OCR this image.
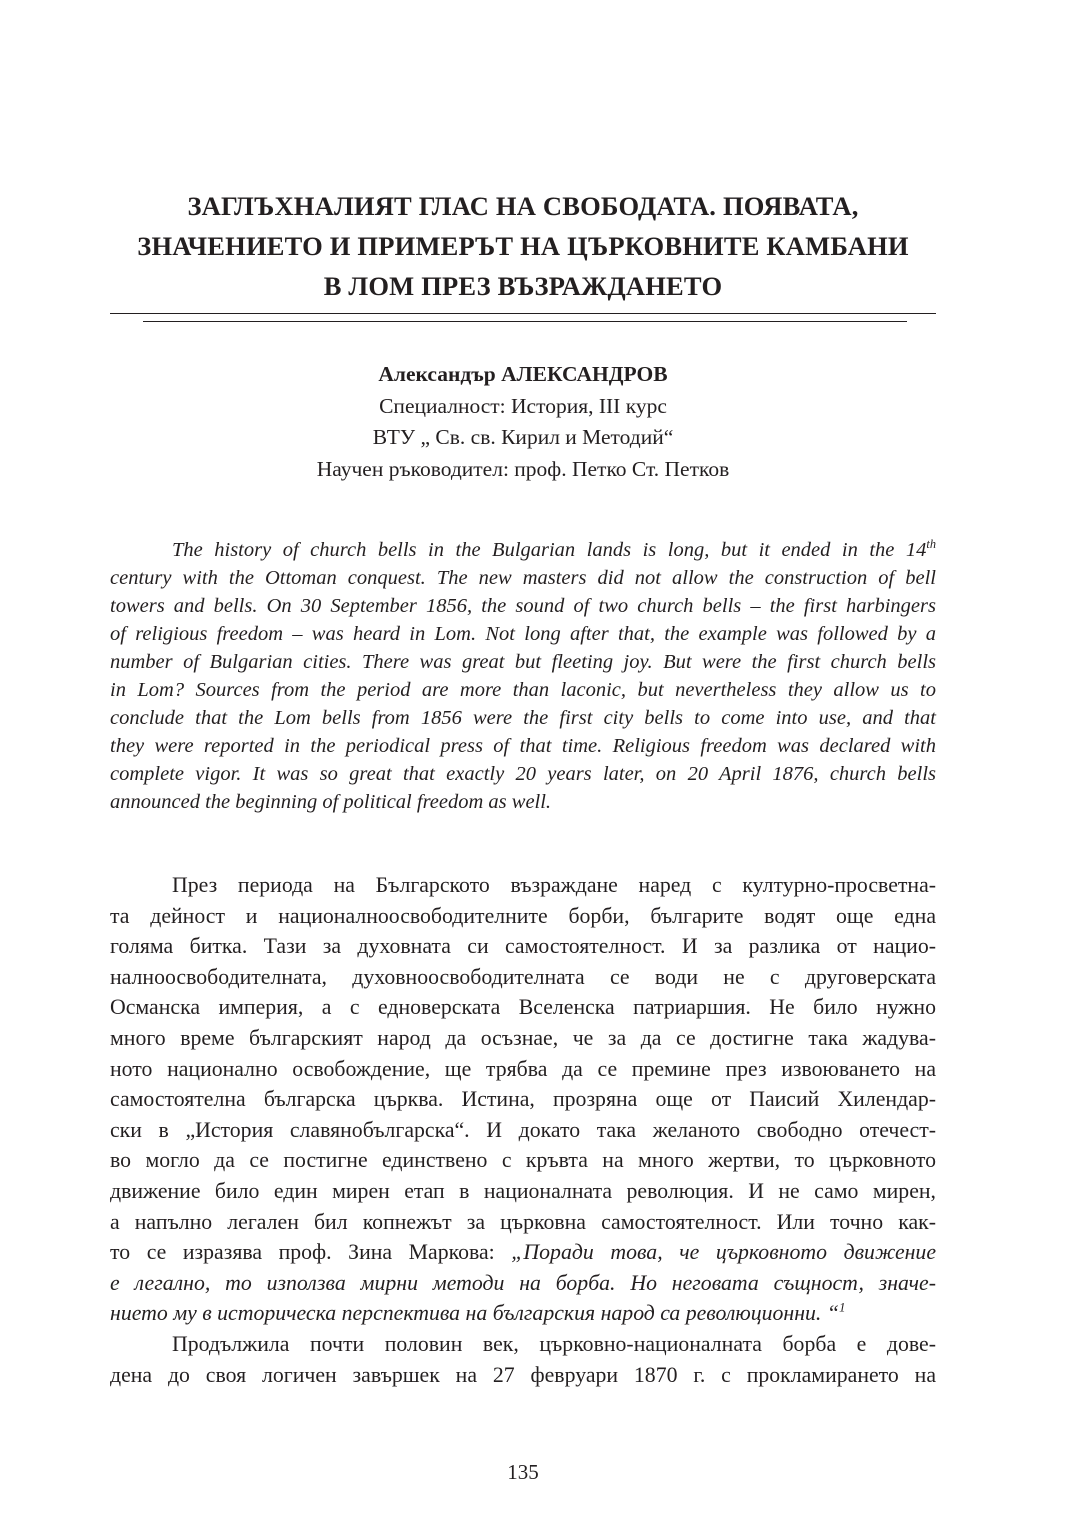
ЗАГЛЪХНАЛИЯТ ГЛАС НА СВОБОДАТА. ПОЯВАТА,
ЗНАЧЕНИЕТО И ПРИМЕРЪТ НА ЦЪРКОВНИТЕ КАМБАНИ
В ЛОМ ПРЕЗ ВЪЗРАЖДАНЕТО
Александър АЛЕКСАНДРОВ
Специалност: История, III курс
ВТУ „ Св. св. Кирил и Методий“
Научен ръководител: проф. Петко Ст. Петков
The history of church bells in the Bulgarian lands is long, but it ended in the 14th
century with the Ottoman conquest. The new masters did not allow the construction of bell
towers and bells. On 30 September 1856, the sound of two church bells – the first harbingers
of religious freedom – was heard in Lom. Not long after that, the example was followed by a
number of Bulgarian cities. There was great but fleeting joy. But were the first church bells
in Lom? Sources from the period are more than laconic, but nevertheless they allow us to
conclude that the Lom bells from 1856 were the first city bells to come into use, and that
they were reported in the periodical press of that time. Religious freedom was declared with
complete vigor. It was so great that exactly 20 years later, on 20 April 1876, church bells
announced the beginning of political freedom as well.
През периода на Българското възраждане наред с културно-просветна-
та дейност и националноосвободителните борби, българите водят още една
голяма битка. Тази за духовната си самостоятелност. И за разлика от нацио-
налноосвободителната, духовноосвободителната се води не с друговерската
Османска империя, а с едноверската Вселенска патриаршия. Не било нужно
много време българският народ да осъзнае, че за да се достигне така жадува-
ното национално освобождение, ще трябва да се премине през извоюването на
самостоятелна българска църква. Истина, прозряна още от Паисий Хилендар-
ски в „История славянобългарска“. И докато така желаното свободно отечест-
во могло да се постигне единствено с кръвта на много жертви, то църковното
движение било един мирен етап в националната революция. И не само мирен,
а напълно легален бил копнежът за църковна самостоятелност. Или точно как-
то се изразява проф. Зина Маркова: „Поради това, че църковното движение
е легално, то използва мирни методи на борба. Но неговата същност, значе-
нието му в историческа перспектива на българския народ са революционни. “$^1$
Продължила почти половин век, църковно-националната борба е дове-
дена до своя логичен завършек на 27 февруари 1870 г. с прокламирането на
135
